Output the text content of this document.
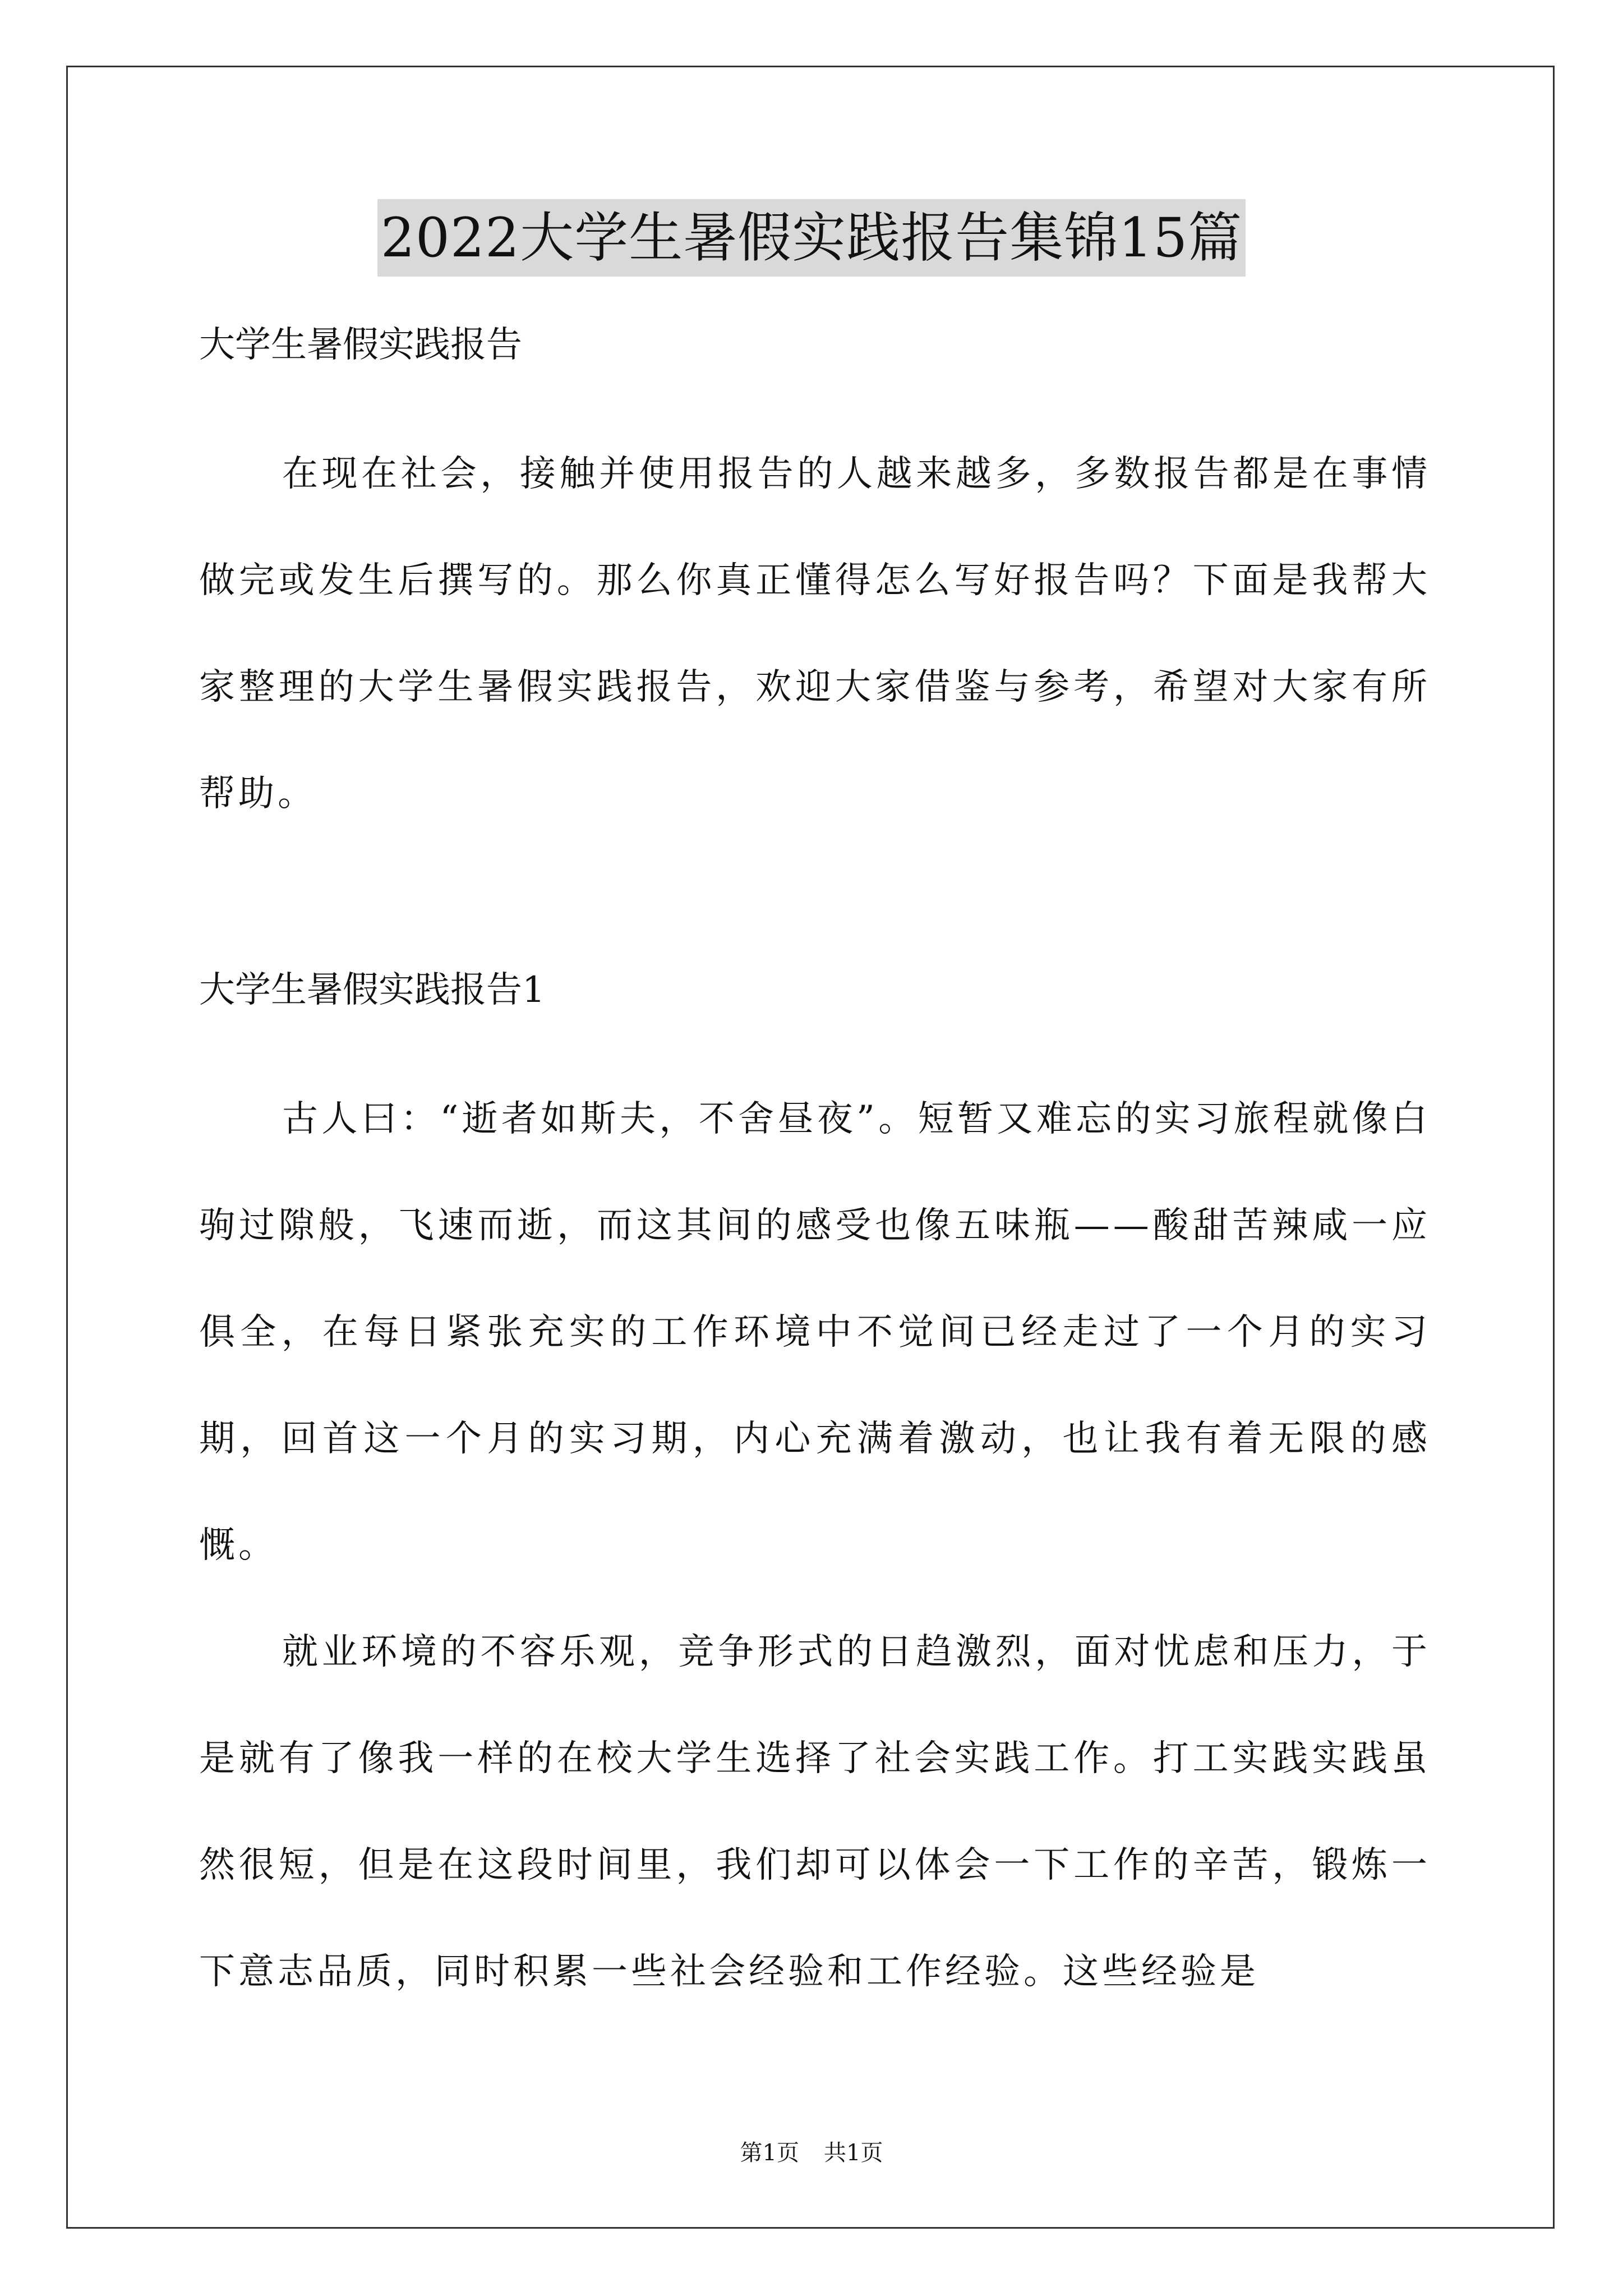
2022大学生暑假实践报告集锦15篇

大学生暑假实践报告

在现在社会，接触并使用报告的人越来越多，多数报告都是在事情做完或发生后撰写的。那么你真正懂得怎么写好报告吗？下面是我帮大家整理的大学生暑假实践报告，欢迎大家借鉴与参考，希望对大家有所帮助。

大学生暑假实践报告1

古人曰：“逝者如斯夫，不舍昼夜”。短暂又难忘的实习旅程就像白驹过隙般，飞速而逝，而这其间的感受也像五味瓶——酸甜苦辣咸一应俱全，在每日紧张充实的工作环境中不觉间已经走过了一个月的实习期，回首这一个月的实习期，内心充满着激动，也让我有着无限的感慨。

就业环境的不容乐观，竞争形式的日趋激烈，面对忧虑和压力，于是就有了像我一样的在校大学生选择了社会实践工作。打工实践实践虽然很短，但是在这段时间里，我们却可以体会一下工作的辛苦，锻炼一下意志品质，同时积累一些社会经验和工作经验。这些经验是

第1页 共1页
